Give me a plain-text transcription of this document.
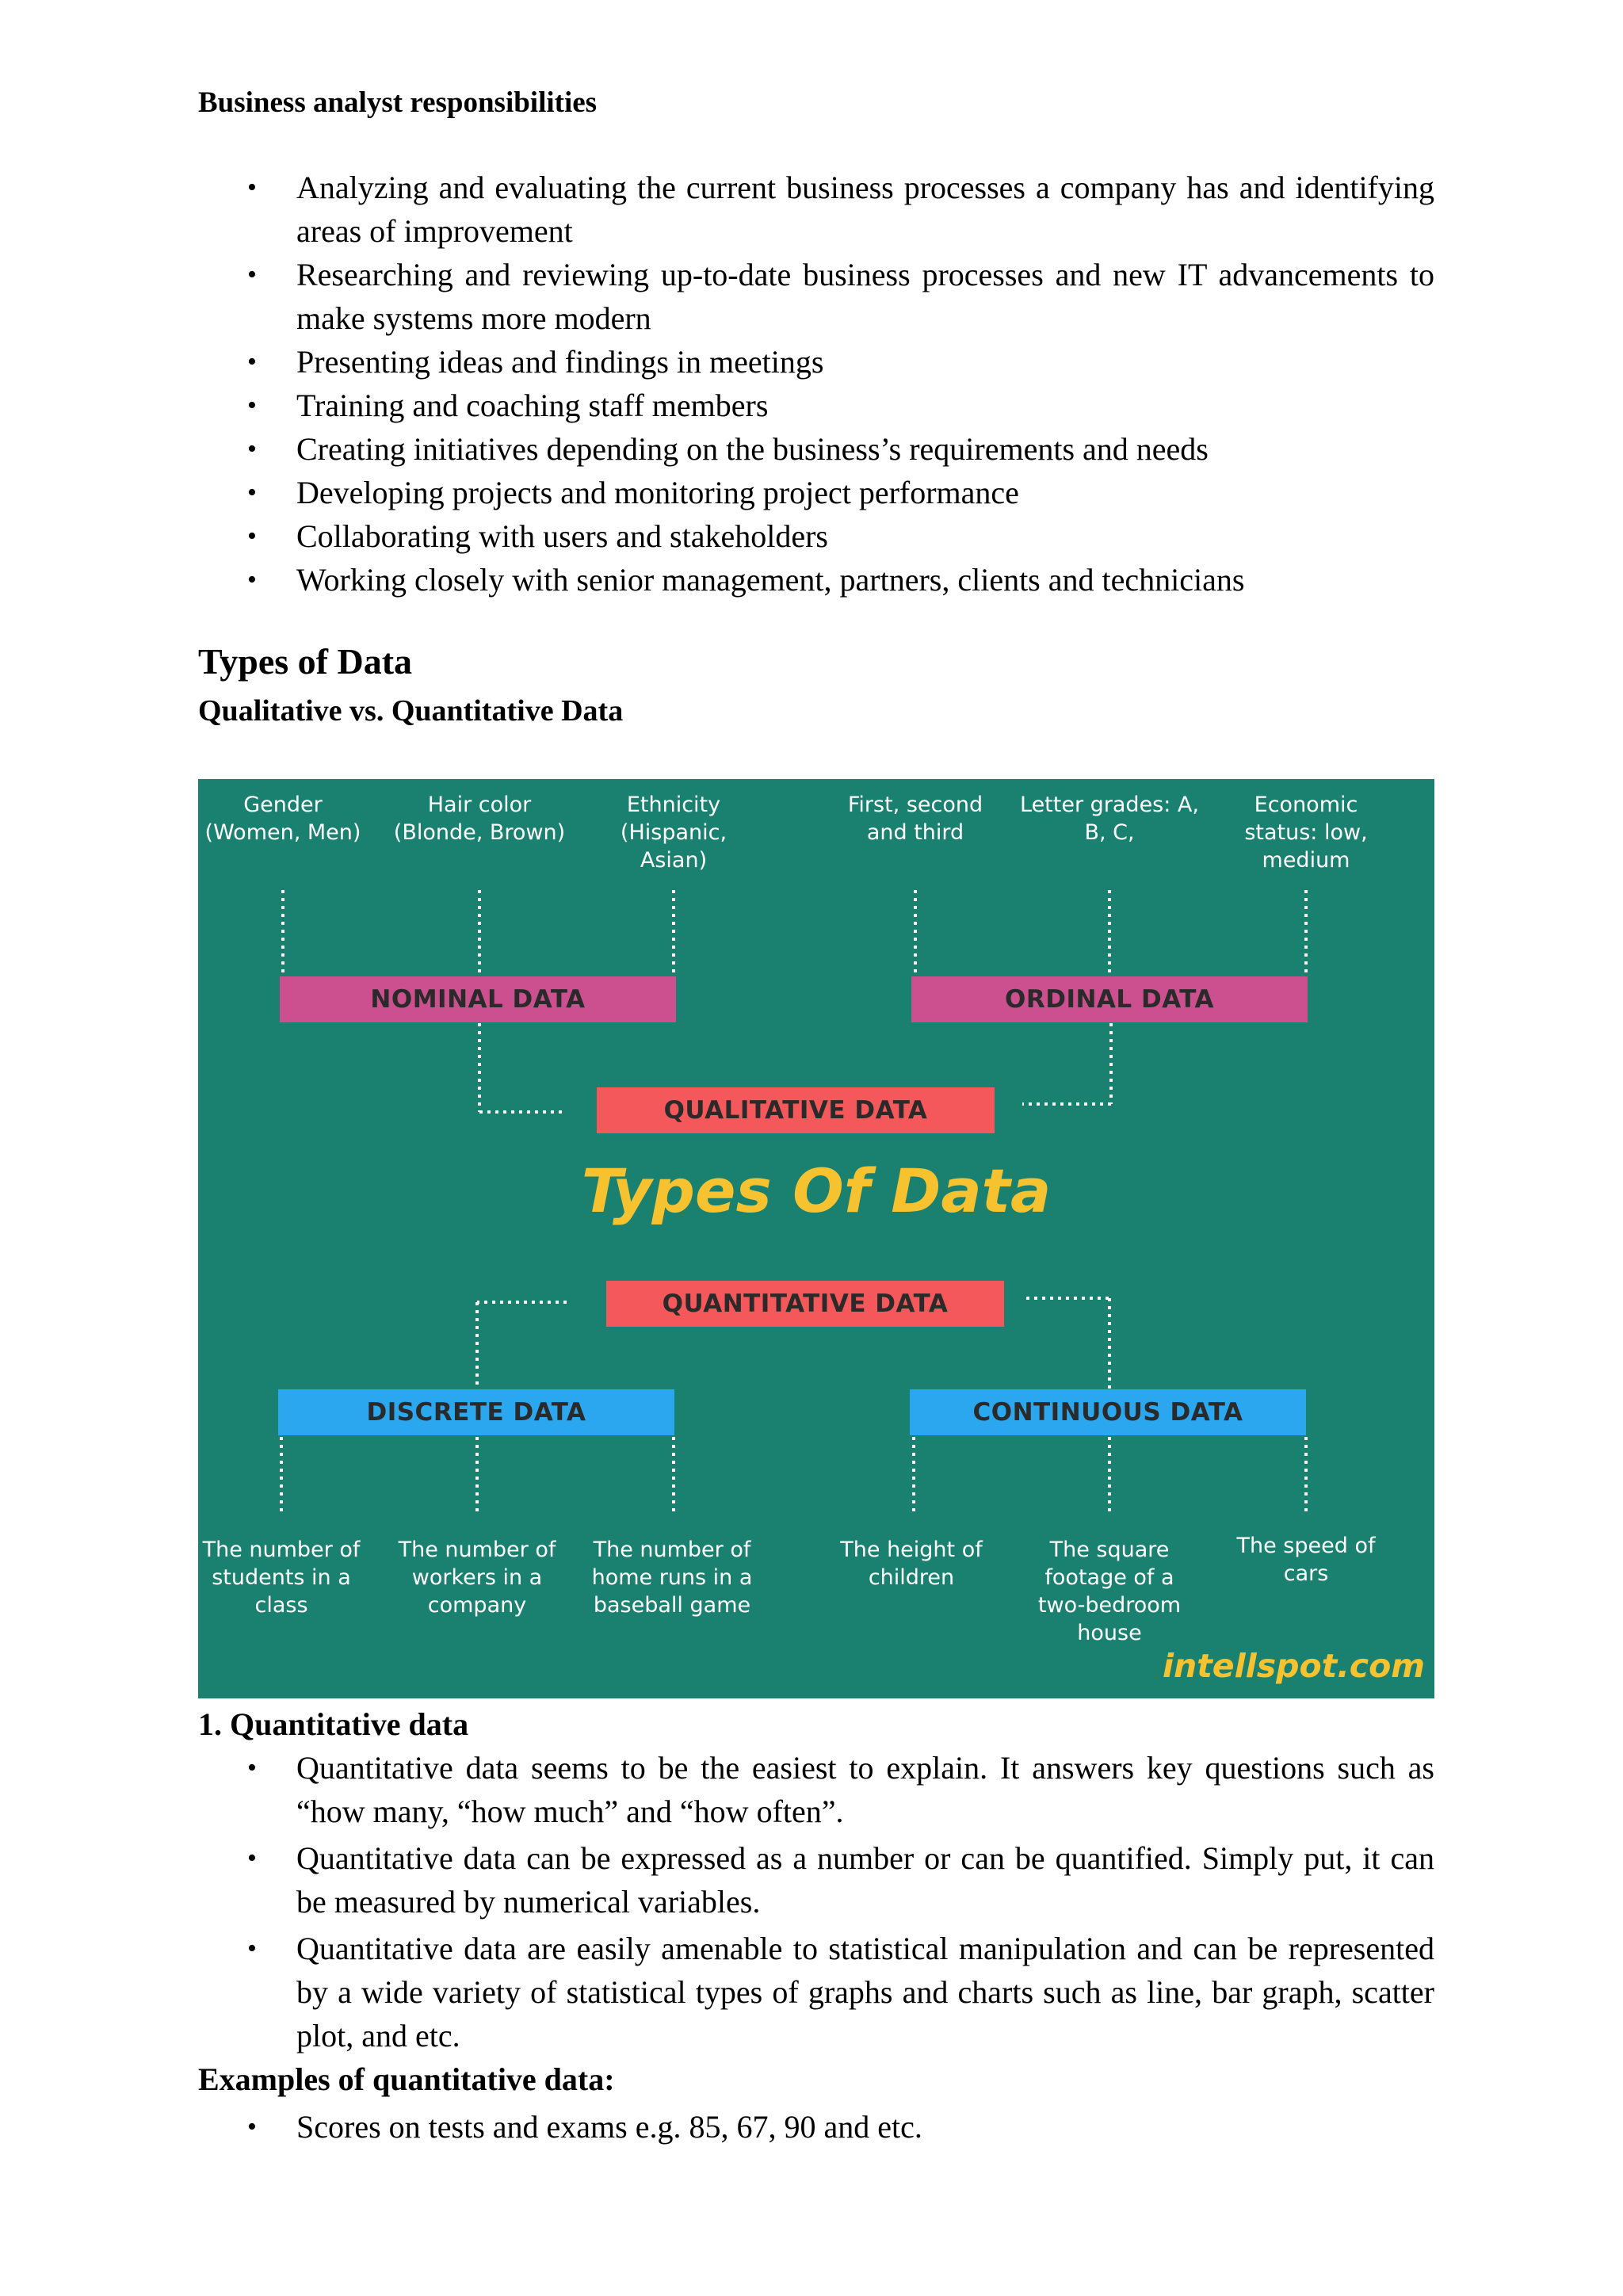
Business analyst responsibilities
• Analyzing and evaluating the current business processes a company has and identifying areas of improvement
• Researching and reviewing up-to-date business processes and new IT advancements to make systems more modern
• Presenting ideas and findings in meetings
• Training and coaching staff members
• Creating initiatives depending on the business’s requirements and needs
• Developing projects and monitoring project performance
• Collaborating with users and stakeholders
• Working closely with senior management, partners, clients and technicians
Types of Data
Qualitative vs. Quantitative Data
Gender (Women, Men)
Hair color (Blonde, Brown)
Ethnicity (Hispanic, Asian)
First, second and third
Letter grades: A, B, C,
Economic status: low, medium
NOMINAL DATA	ORDINAL DATA
QUALITATIVE DATA
Types Of Data
QUANTITATIVE DATA
DISCRETE DATA	CONTINUOUS DATA
The number of students in a class
The number of workers in a company
The number of home runs in a baseball game
The height of children
The square footage of a two-bedroom house
The speed of cars
intellspot.com
1. Quantitative data
• Quantitative data seems to be the easiest to explain. It answers key questions such as “how many, “how much” and “how often”.
• Quantitative data can be expressed as a number or can be quantified. Simply put, it can be measured by numerical variables.
• Quantitative data are easily amenable to statistical manipulation and can be represented by a wide variety of statistical types of graphs and charts such as line, bar graph, scatter plot, and etc.
Examples of quantitative data:
• Scores on tests and exams e.g. 85, 67, 90 and etc.
